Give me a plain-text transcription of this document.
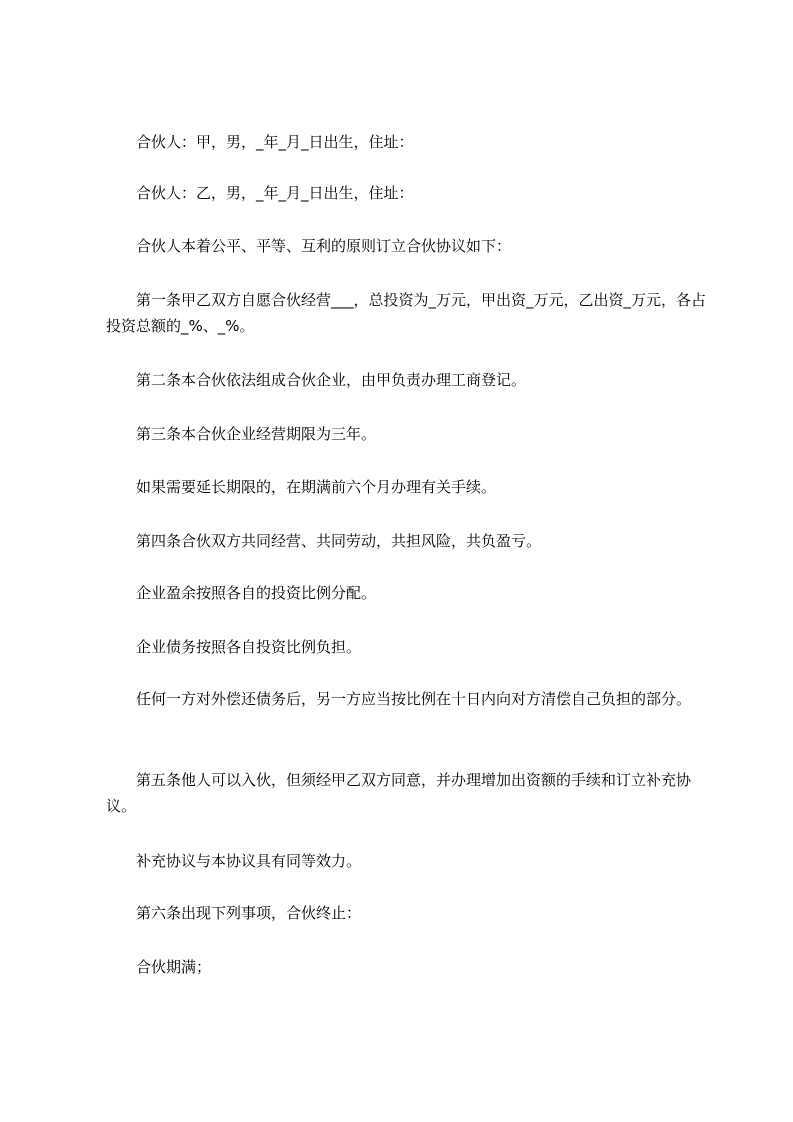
合伙人：甲，男，_年_月_日出生，住址：

合伙人：乙，男，_年_月_日出生，住址：

合伙人本着公平、平等、互利的原则订立合伙协议如下：

第一条甲乙双方自愿合伙经营___，总投资为_万元，甲出资_万元，乙出资_万元，各占投资总额的_%、_%。

第二条本合伙依法组成合伙企业，由甲负责办理工商登记。

第三条本合伙企业经营期限为三年。

如果需要延长期限的，在期满前六个月办理有关手续。

第四条合伙双方共同经营、共同劳动，共担风险，共负盈亏。

企业盈余按照各自的投资比例分配。

企业债务按照各自投资比例负担。

任何一方对外偿还债务后，另一方应当按比例在十日内向对方清偿自己负担的部分。

第五条他人可以入伙，但须经甲乙双方同意，并办理增加出资额的手续和订立补充协议。

补充协议与本协议具有同等效力。

第六条出现下列事项，合伙终止：

合伙期满；
